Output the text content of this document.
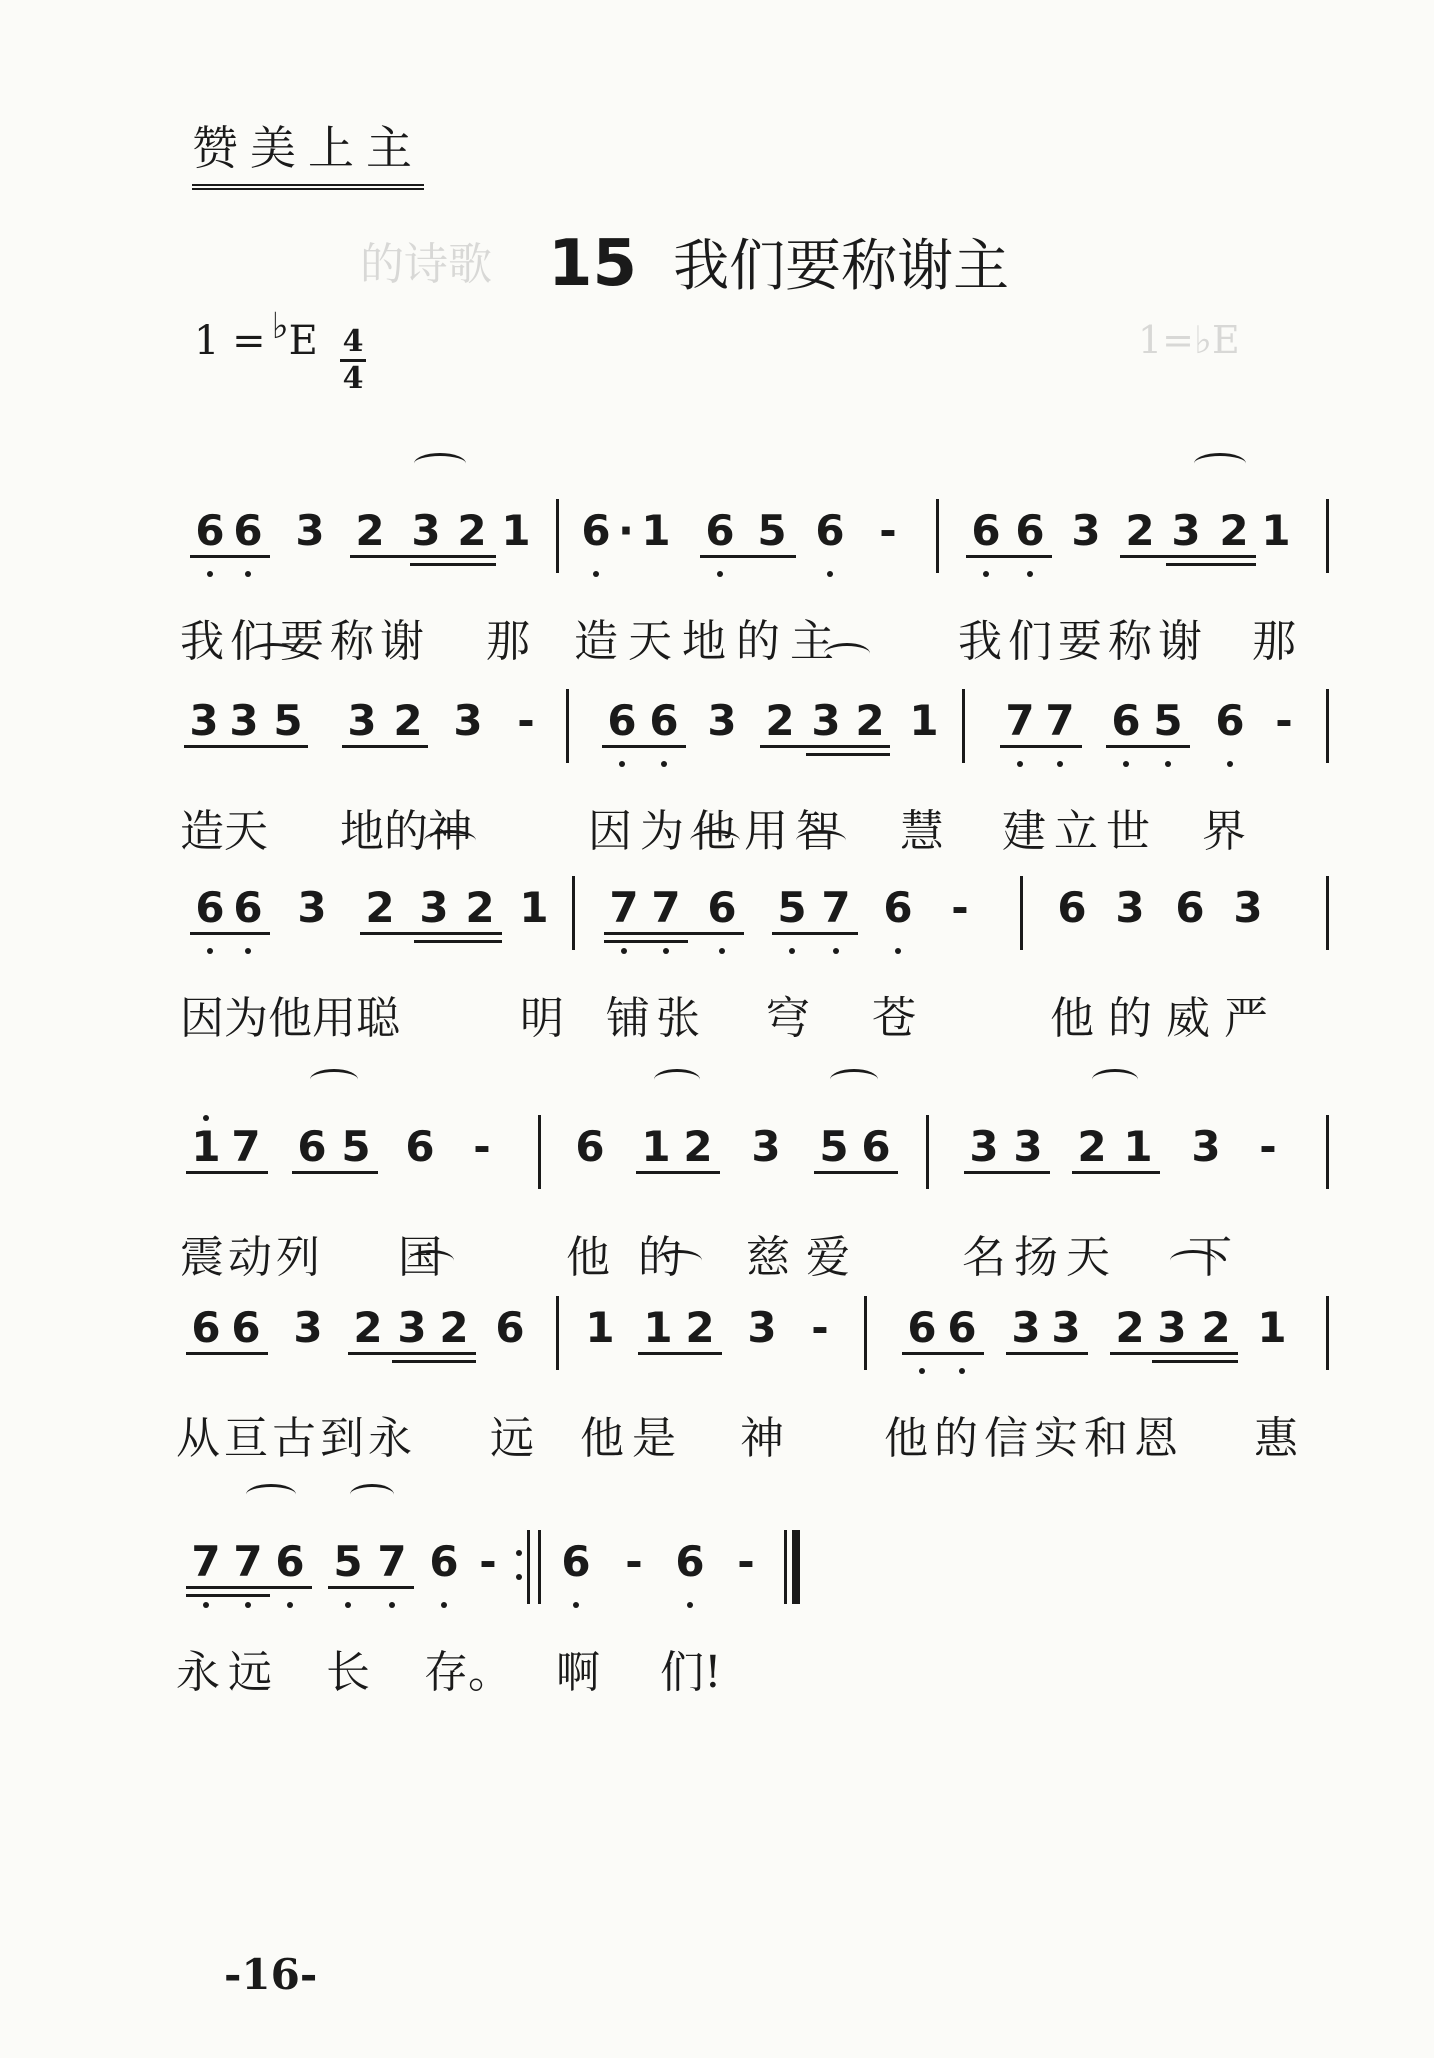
的诗歌
1=♭E
赞美上主
15 我们要称谢主
1 = ♭E 4
4
6 6 3 2 3 2 1 6 · 1 6 5 6 -	6 6 3 2 3 2 1
我们要称谢 那 造天地的主	我们要称谢 那
3 3 5 3 2 3 -	6 6 3 2 3 2 1 7 7 6 5 6 -
造天 地的神	因为他用智 慧 建立世 界
6 6 3 2 3 2 1 7 7 6 5 7 6 -	6 3 6 3
因为他用聪	明 铺张 穹 苍	他的威严
1 7 6 5 6 -	6 1 2 3 5 6 3 3 2 1 3 -
震动列 国	他的 慈爱 名扬天 下
6 6 3 2 3 2 6 1 1 2 3 -	6 6 3 3 2 3 2 1
从亘古到永 远 他是 神 他的信实和恩 惠
7 7 6 5 7 6 -	6 - 6 -
永远 长 存。 啊 们!
-16-
